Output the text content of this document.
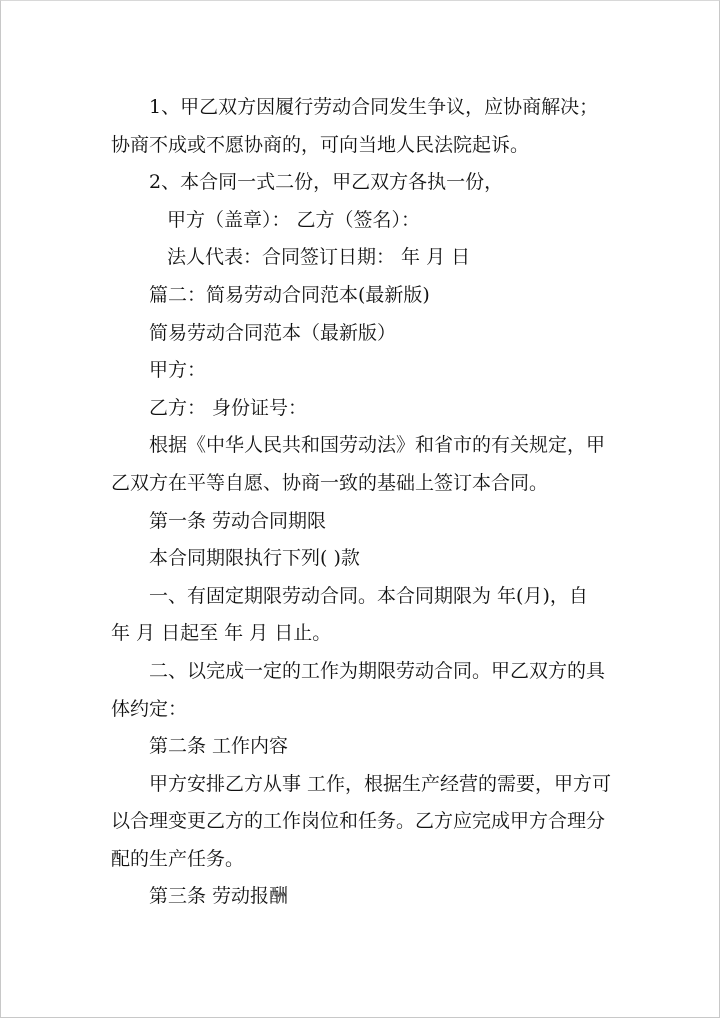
1、甲乙双方因履行劳动合同发生争议，应协商解决；
协商不成或不愿协商的，可向当地人民法院起诉。
2、本合同一式二份，甲乙双方各执一份，
甲方（盖章）： 乙方（签名）：
法人代表：合同签订日期： 年 月 日
篇二：简易劳动合同范本(最新版)
简易劳动合同范本（最新版）
甲方：
乙方： 身份证号：
根据《中华人民共和国劳动法》和省市的有关规定，甲
乙双方在平等自愿、协商一致的基础上签订本合同。
第一条 劳动合同期限
本合同期限执行下列( )款
一、有固定期限劳动合同。本合同期限为 年(月)，自
年 月 日起至 年 月 日止。
二、以完成一定的工作为期限劳动合同。甲乙双方的具
体约定：
第二条 工作内容
甲方安排乙方从事 工作，根据生产经营的需要，甲方可
以合理变更乙方的工作岗位和任务。乙方应完成甲方合理分
配的生产任务。
第三条 劳动报酬
